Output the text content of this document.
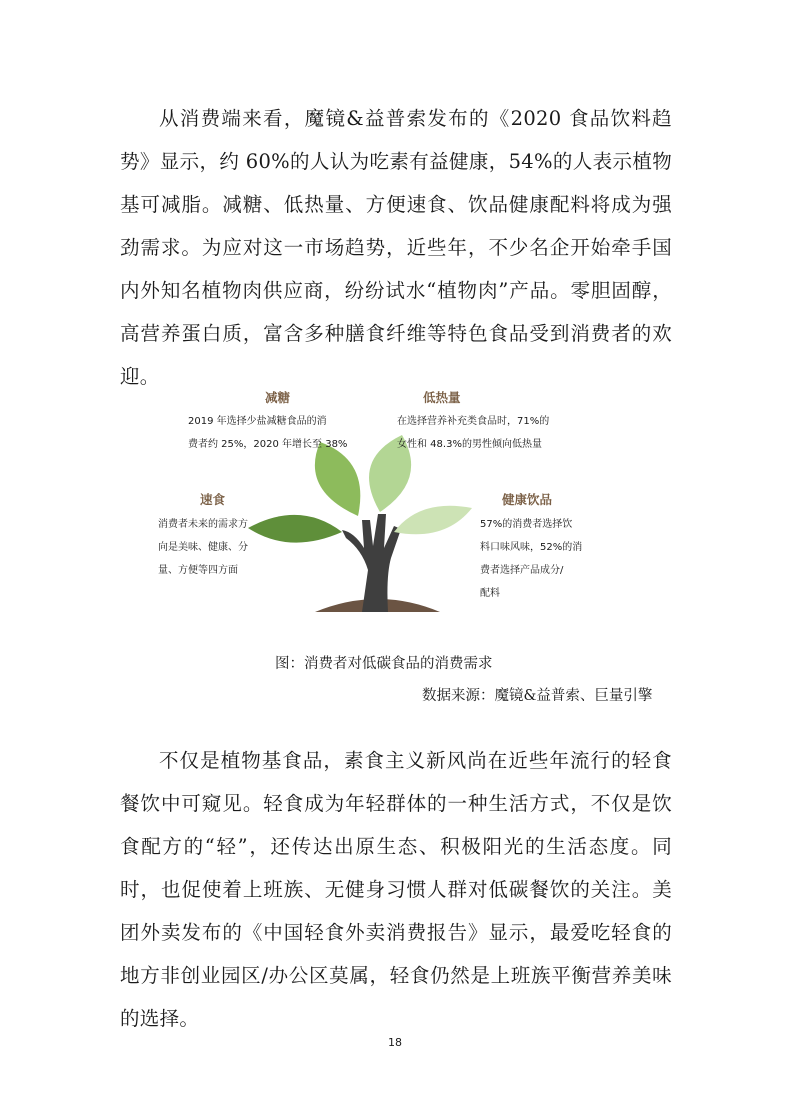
从消费端来看，魔镜&益普索发布的《2020 食品饮料趋势》显示，约 60%的人认为吃素有益健康，54%的人表示植物基可减脂。减糖、低热量、方便速食、饮品健康配料将成为强劲需求。为应对这一市场趋势，近些年，不少名企开始牵手国内外知名植物肉供应商，纷纷试水“植物肉”产品。零胆固醇，高营养蛋白质，富含多种膳食纤维等特色食品受到消费者的欢迎。

减糖
2019 年选择少盐减糖食品的消
费者约 25%，2020 年增长至 38%
低热量
在选择营养补充类食品时，71%的
女性和 48.3%的男性倾向低热量
速食
消费者未来的需求方
向是美味、健康、分
量、方便等四方面
健康饮品
57%的消费者选择饮
料口味风味，52%的消
费者选择产品成分/
配料
图：消费者对低碳食品的消费需求
数据来源：魔镜&益普索、巨量引擎

不仅是植物基食品，素食主义新风尚在近些年流行的轻食餐饮中可窥见。轻食成为年轻群体的一种生活方式，不仅是饮食配方的“轻”，还传达出原生态、积极阳光的生活态度。同时，也促使着上班族、无健身习惯人群对低碳餐饮的关注。美团外卖发布的《中国轻食外卖消费报告》显示，最爱吃轻食的地方非创业园区/办公区莫属，轻食仍然是上班族平衡营养美味的选择。

18
